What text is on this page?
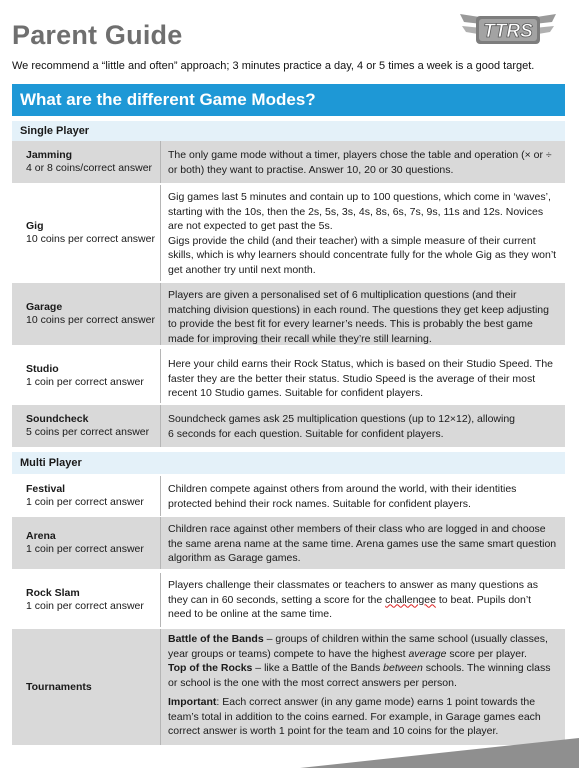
Parent Guide	TTRS
We recommend a “little and often” approach; 3 minutes practice a day, 4 or 5 times a week is a good target.
What are the different Game Modes?
Single Player
Jamming
4 or 8 coins/correct answer

The only game mode without a timer, players chose the table and operation (× or ÷ or both) they want to practise. Answer 10, 20 or 30 questions.

Gig
10 coins per correct answer

Gig games last 5 minutes and contain up to 100 questions, which come in ‘waves’, starting with the 10s, then the 2s, 5s, 3s, 4s, 8s, 6s, 7s, 9s, 11s and 12s. Novices are not expected to get past the 5s.

Gigs provide the child (and their teacher) with a simple measure of their current skills, which is why learners should concentrate fully for the whole Gig as they won’t get another try until next month.

Garage
10 coins per correct answer

Players are given a personalised set of 6 multiplication questions (and their matching division questions) in each round. The questions they get keep adjusting to provide the best fit for every learner’s needs. This is probably the best game made for improving their recall while they’re still learning.

Studio
1 coin per correct answer

Here your child earns their Rock Status, which is based on their Studio Speed. The faster they are the better their status. Studio Speed is the average of their most recent 10 Studio games. Suitable for confident players.

Soundcheck
5 coins per correct answer

Soundcheck games ask 25 multiplication questions (up to 12×12), allowing

6 seconds for each question. Suitable for confident players.

Multi Player
Festival
1 coin per correct answer

Children compete against others from around the world, with their identities protected behind their rock names. Suitable for confident players.

Arena
1 coin per correct answer

Children race against other members of their class who are logged in and choose the same arena name at the same time. Arena games use the same smart question algorithm as Garage games.

Rock Slam
1 coin per correct answer

Players challenge their classmates or teachers to answer as many questions as they can in 60 seconds, setting a score for the challengee to beat. Pupils don’t need to be online at the same time.

Tournaments

Battle of the Bands – groups of children within the same school (usually classes, year groups or teams) compete to have the highest average score per player.

Top of the Rocks – like a Battle of the Bands between schools. The winning class or school is the one with the most correct answers per person.

Important: Each correct answer (in any game mode) earns 1 point towards the team’s total in addition to the coins earned. For example, in Garage games each correct answer is worth 1 point for the team and 10 coins for the player.
